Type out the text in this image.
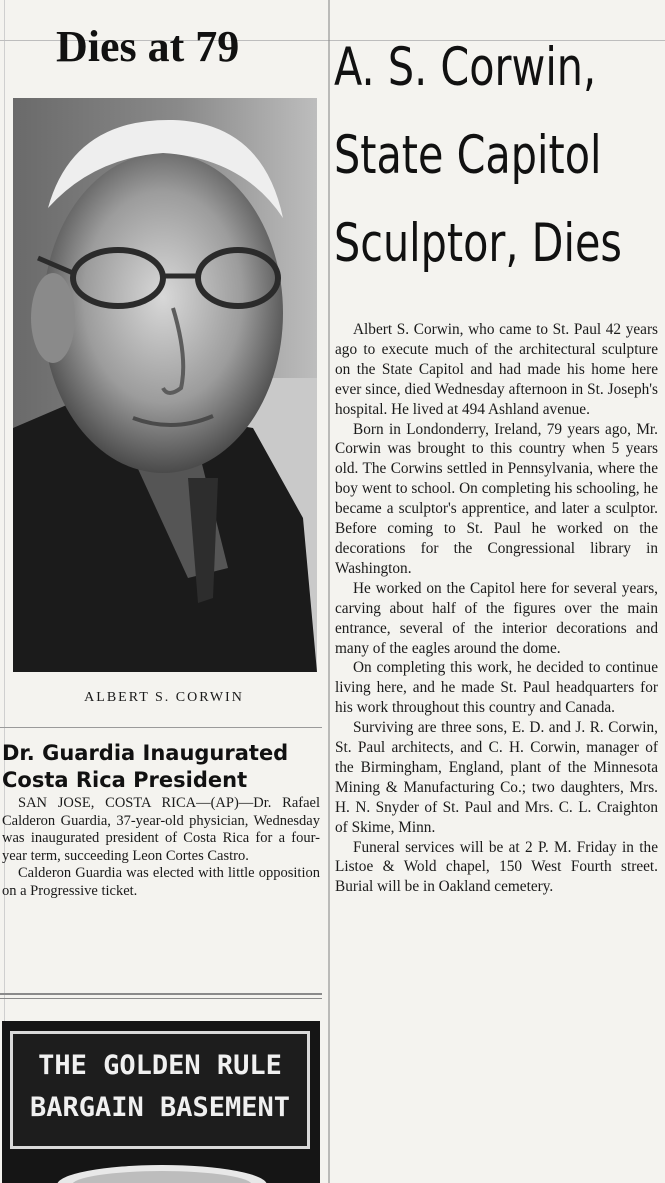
Dies at 79
ALBERT S. CORWIN
Dr. Guardia Inaugurated
Costa Rica President

SAN JOSE, COSTA RICA—(AP)—Dr. Rafael Calderon Guardia, 37-year-old physician, Wednesday was inaugurated president of Costa Rica for a four-year term, succeeding Leon Cortes Castro.

Calderon Guardia was elected with little opposition on a Progressive ticket.

THE GOLDEN RULE
BARGAIN BASEMENT
A. S. Corwin,
State Capitol
Sculptor, Dies

Albert S. Corwin, who came to St. Paul 42 years ago to execute much of the architectural sculpture on the State Capitol and had made his home here ever since, died Wednesday afternoon in St. Joseph's hospital. He lived at 494 Ashland avenue.

Born in Londonderry, Ireland, 79 years ago, Mr. Corwin was brought to this country when 5 years old. The Corwins settled in Pennsylvania, where the boy went to school. On completing his schooling, he became a sculptor's apprentice, and later a sculptor. Before coming to St. Paul he worked on the decorations for the Congressional library in Washington.

He worked on the Capitol here for several years, carving about half of the figures over the main entrance, several of the interior decorations and many of the eagles around the dome.

On completing this work, he decided to continue living here, and he made St. Paul headquarters for his work throughout this country and Canada.

Surviving are three sons, E. D. and J. R. Corwin, St. Paul architects, and C. H. Corwin, manager of the Birmingham, England, plant of the Minnesota Mining & Manufacturing Co.; two daughters, Mrs. H. N. Snyder of St. Paul and Mrs. C. L. Craighton of Skime, Minn.

Funeral services will be at 2 P. M. Friday in the Listoe & Wold chapel, 150 West Fourth street. Burial will be in Oakland cemetery.
